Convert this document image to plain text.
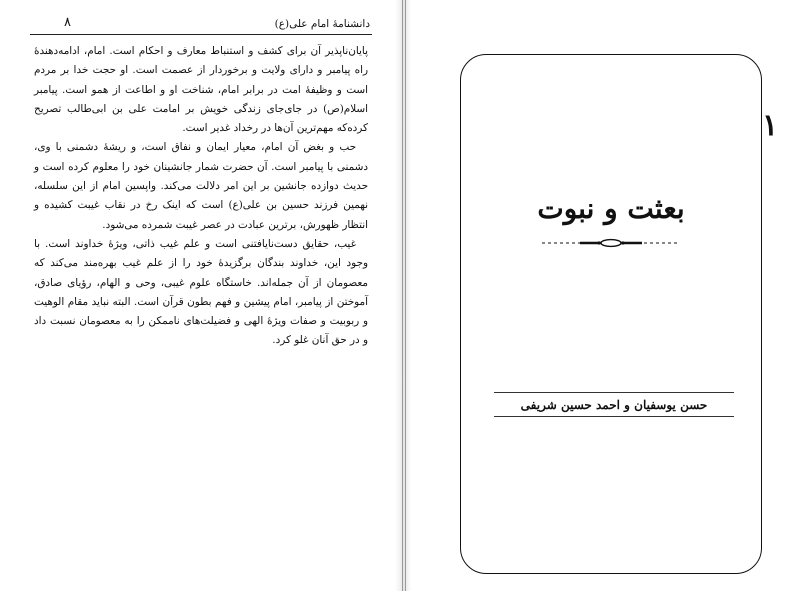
دانشنامهٔ امام علی(ع)
۸

پایان‌ناپذیر آن برای کشف و استنباط معارف و احکام است. امام، ادامه‌دهندهٔ راه پیامبر و دارای ولایت و برخوردار از عصمت است. او حجت خدا بر مردم است و وظیفهٔ امت در برابر امام، شناخت او و اطاعت از همو است. پیامبر اسلام(ص) در جای‌جای زندگی خویش بر امامت علی بن ابی‌طالب تصریح کرده‌که مهم‌ترین آن‌ها در رخداد غدیر است.

حب و بغض آن امام، معیار ایمان و نفاق است، و ریشهٔ دشمنی با وی، دشمنی با پیامبر است. آن حضرت شمار جانشینان خود را معلوم کرده است و حدیث دوازده جانشین بر این امر دلالت می‌کند. واپسین امام از این سلسله، نهمین فرزند حسین بن علی(ع) است که اینک رخ در نقاب غیبت کشیده و انتظار ظهورش، برترین عبادت در عصر غیبت شمرده می‌شود.

غیب، حقایق دست‌نایافتنی است و علم غیب ذاتی، ویژهٔ خداوند است. با وجود این، خداوند بندگان برگزیدهٔ خود را از علم غیب بهره‌مند می‌کند که معصومان از آن جمله‌اند. خاستگاه علوم غیبی، وحی و الهام، رؤیای صادق، آموختن از پیامبر، امام پیشین و فهم بطون قرآن است. البته نباید مقام الوهیت و ربوبیت و صفات ویژهٔ الهی و فضیلت‌های ناممکن را به معصومان نسبت داد و در حق آنان غلو کرد.

۱
بعثت و نبوت
حسن یوسفیان و احمد حسین شریفی
